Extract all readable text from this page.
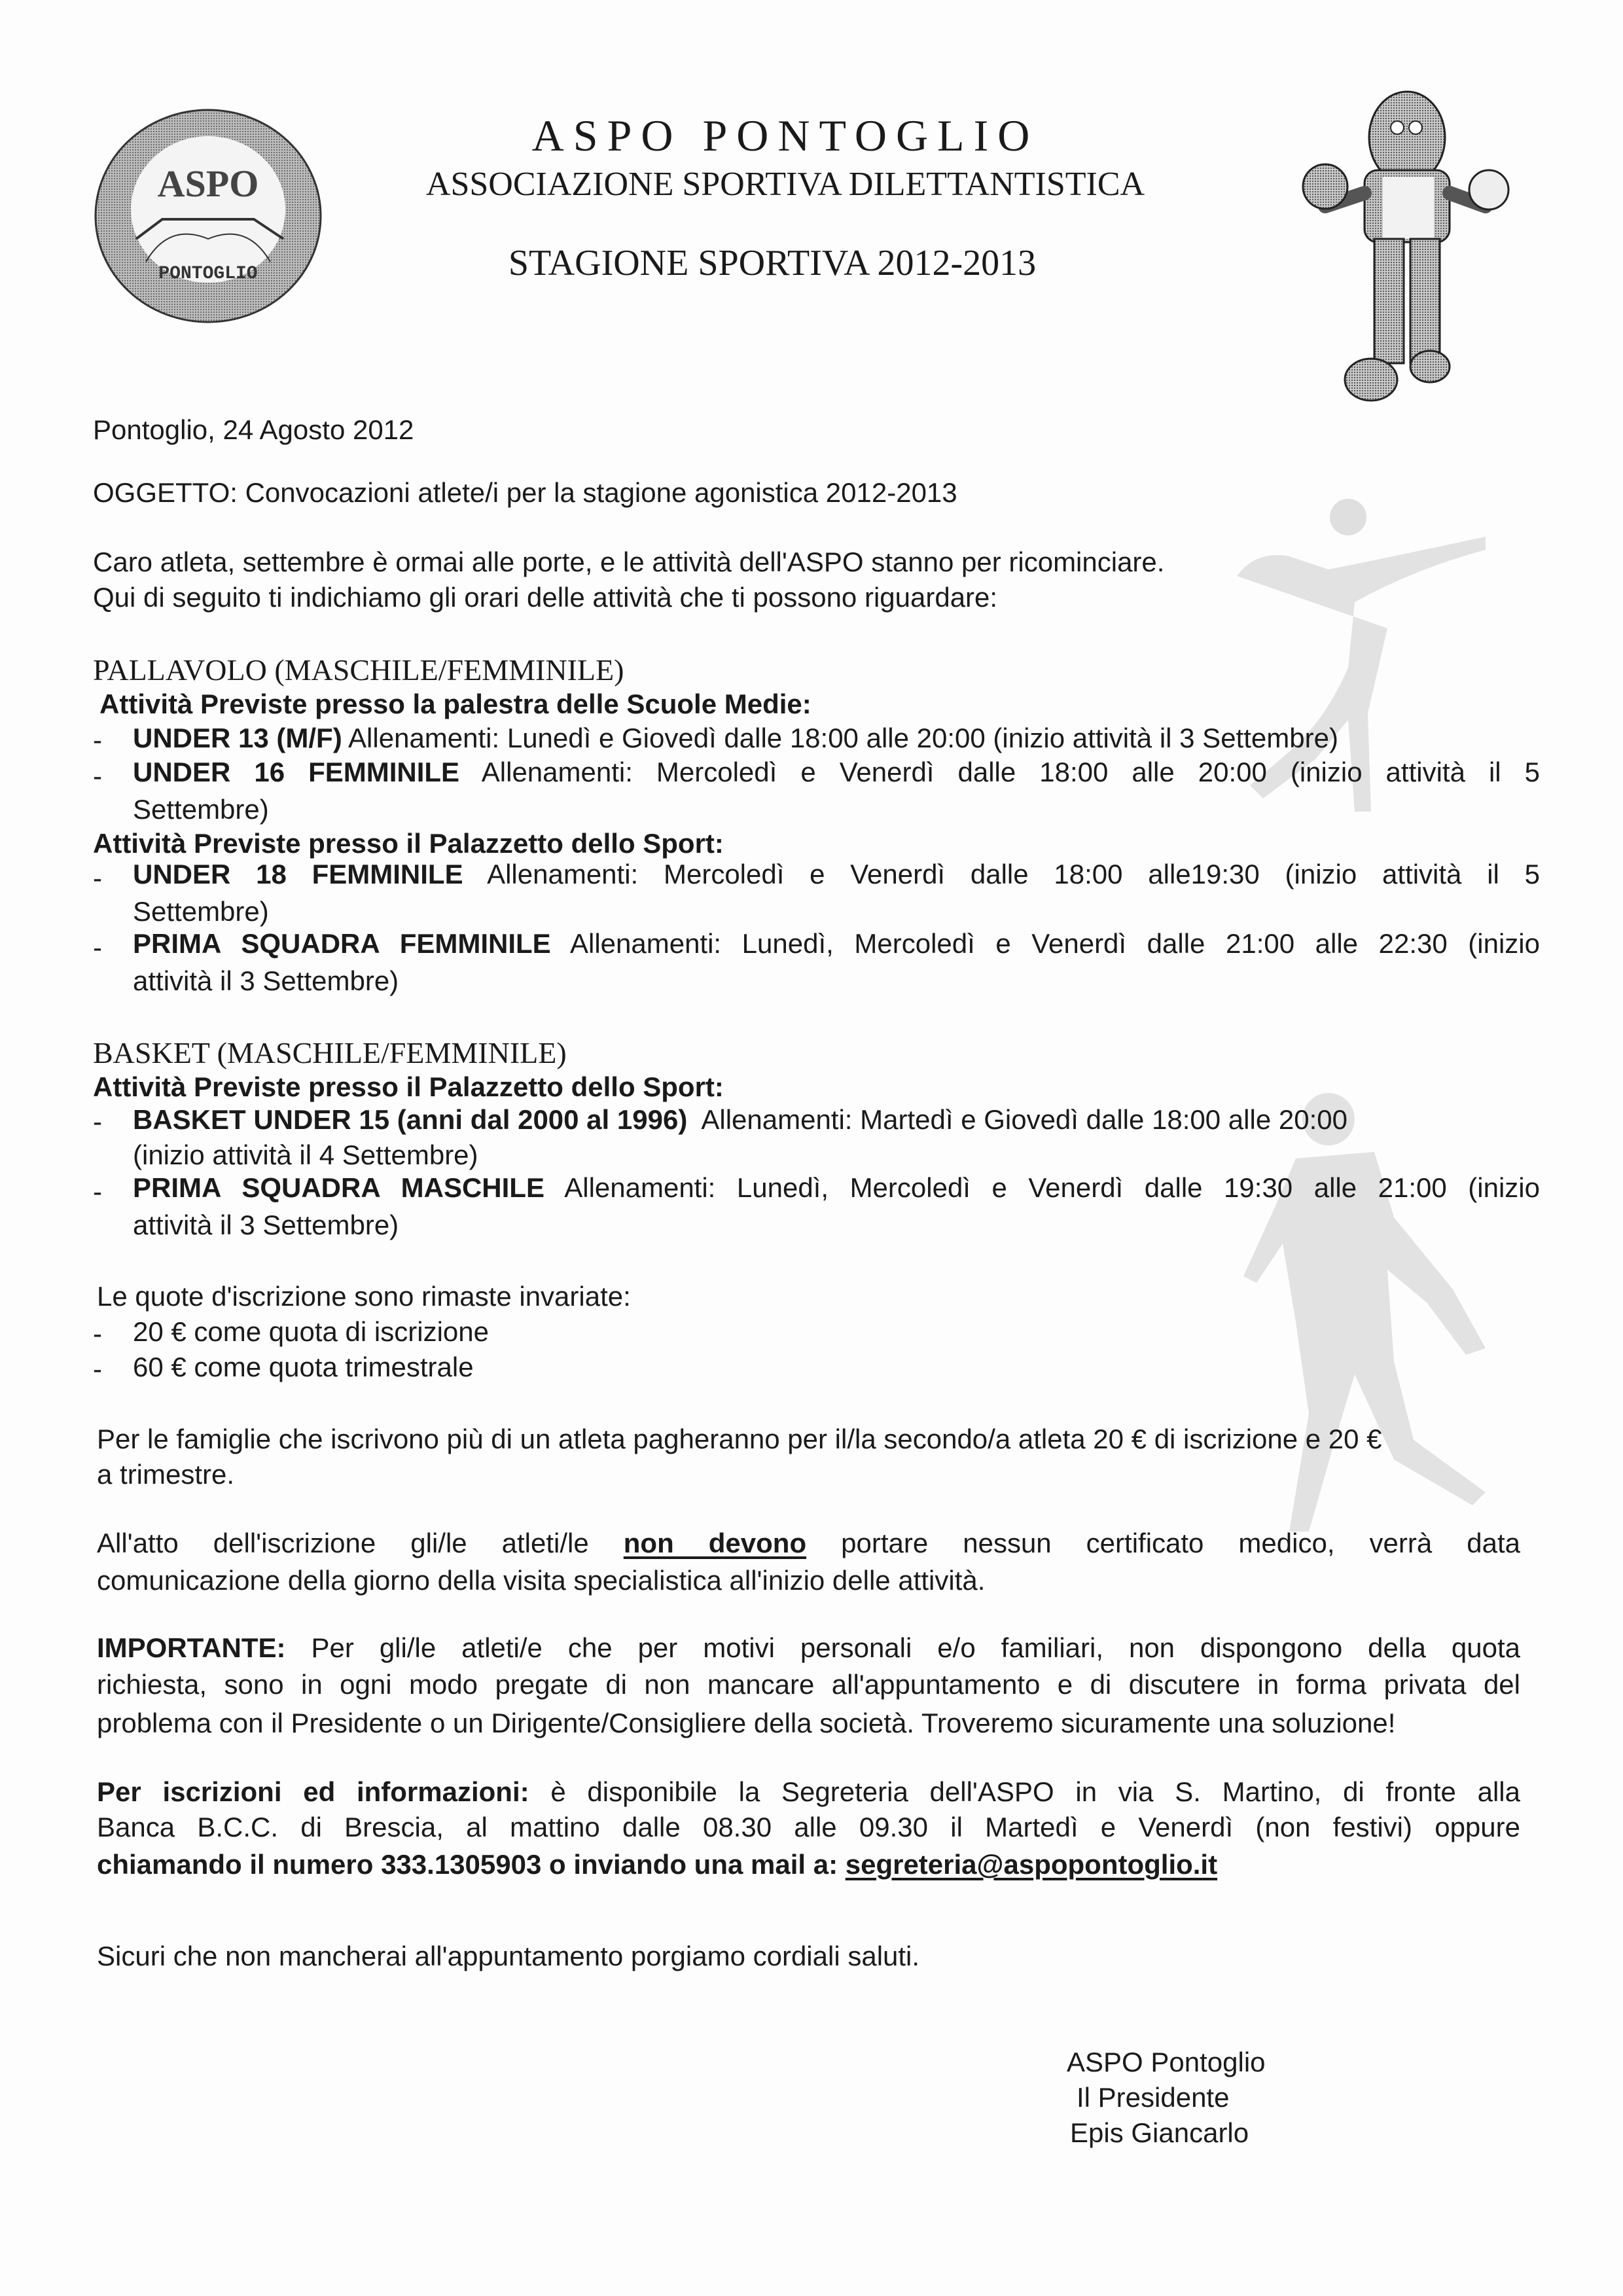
ASPO
PONTOGLIO
ASPO PONTOGLIO
ASSOCIAZIONE SPORTIVA DILETTANTISTICA
STAGIONE SPORTIVA 2012-2013
Pontoglio, 24 Agosto 2012
OGGETTO: Convocazioni atlete/i per la stagione agonistica 2012-2013
Caro atleta, settembre è ormai alle porte, e le attività dell'ASPO stanno per ricominciare.
Qui di seguito ti indichiamo gli orari delle attività che ti possono riguardare:
PALLAVOLO (MASCHILE/FEMMINILE)
Attività Previste presso la palestra delle Scuole Medie:
- UNDER 13 (M/F) Allenamenti: Lunedì e Giovedì dalle 18:00 alle 20:00 (inizio attività il 3 Settembre)
- UNDER 16 FEMMINILE Allenamenti: Mercoledì e Venerdì dalle 18:00 alle 20:00 (inizio attività il 5
Settembre)
Attività Previste presso il Palazzetto dello Sport:
- UNDER 18 FEMMINILE Allenamenti: Mercoledì e Venerdì dalle 18:00 alle19:30 (inizio attività il 5
Settembre)
- PRIMA SQUADRA FEMMINILE Allenamenti: Lunedì, Mercoledì e Venerdì dalle 21:00 alle 22:30 (inizio
attività il 3 Settembre)
BASKET (MASCHILE/FEMMINILE)
Attività Previste presso il Palazzetto dello Sport:
- BASKET UNDER 15 (anni dal 2000 al 1996) Allenamenti: Martedì e Giovedì dalle 18:00 alle 20:00
(inizio attività il 4 Settembre)
- PRIMA SQUADRA MASCHILE Allenamenti: Lunedì, Mercoledì e Venerdì dalle 19:30 alle 21:00 (inizio
attività il 3 Settembre)
Le quote d'iscrizione sono rimaste invariate:
- 20 € come quota di iscrizione
- 60 € come quota trimestrale
Per le famiglie che iscrivono più di un atleta pagheranno per il/la secondo/a atleta 20 € di iscrizione e 20 €
a trimestre.
All'atto dell'iscrizione gli/le atleti/le non devono portare nessun certificato medico, verrà data
comunicazione della giorno della visita specialistica all'inizio delle attività.
IMPORTANTE: Per gli/le atleti/e che per motivi personali e/o familiari, non dispongono della quota
richiesta, sono in ogni modo pregate di non mancare all'appuntamento e di discutere in forma privata del
problema con il Presidente o un Dirigente/Consigliere della società. Troveremo sicuramente una soluzione!
Per iscrizioni ed informazioni: è disponibile la Segreteria dell'ASPO in via S. Martino, di fronte alla
Banca B.C.C. di Brescia, al mattino dalle 08.30 alle 09.30 il Martedì e Venerdì (non festivi) oppure
chiamando il numero 333.1305903 o inviando una mail a: segreteria@aspopontoglio.it
Sicuri che non mancherai all'appuntamento porgiamo cordiali saluti.
ASPO Pontoglio
Il Presidente
Epis Giancarlo
